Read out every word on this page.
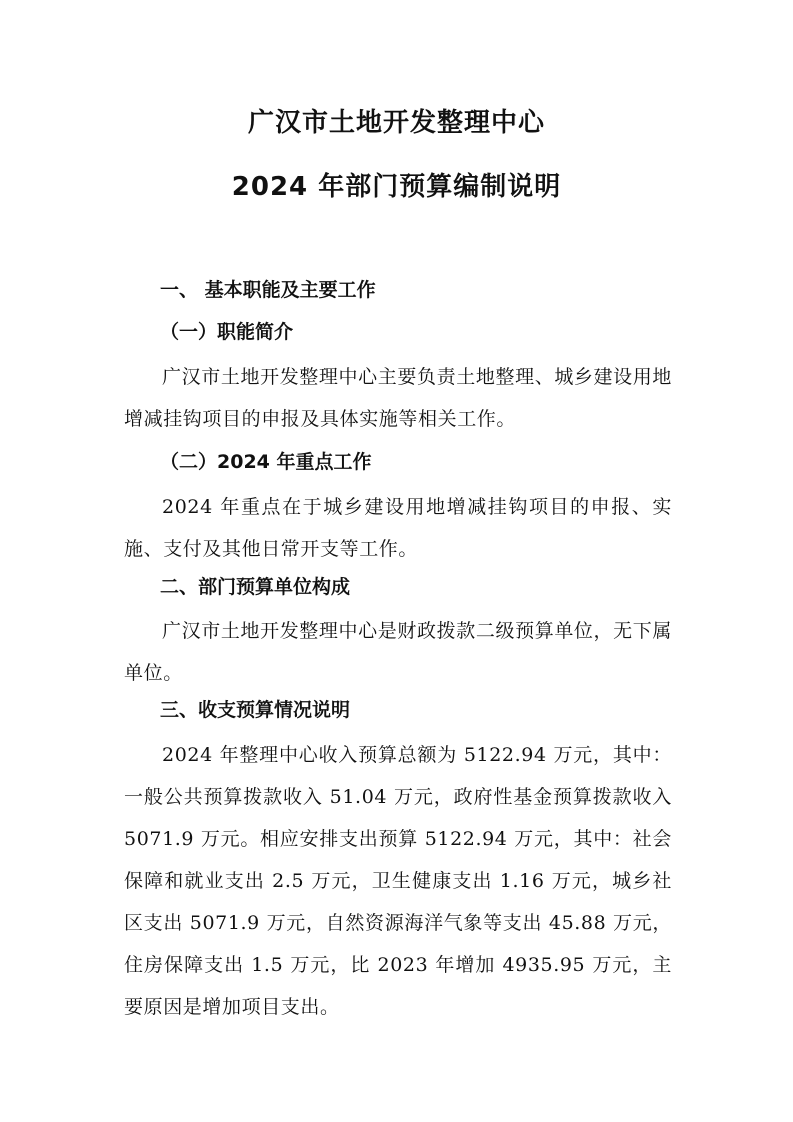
广汉市土地开发整理中心
2024 年部门预算编制说明
一、 基本职能及主要工作
（一）职能简介
广汉市土地开发整理中心主要负责土地整理、城乡建设用地增减挂钩项目的申报及具体实施等相关工作。
（二）2024 年重点工作
2024 年重点在于城乡建设用地增减挂钩项目的申报、实施、支付及其他日常开支等工作。
二、部门预算单位构成
广汉市土地开发整理中心是财政拨款二级预算单位，无下属单位。
三、收支预算情况说明
2024 年整理中心收入预算总额为 5122.94 万元，其中：一般公共预算拨款收入 51.04 万元，政府性基金预算拨款收入 5071.9 万元。相应安排支出预算 5122.94 万元，其中：社会保障和就业支出 2.5 万元，卫生健康支出 1.16 万元，城乡社区支出 5071.9 万元，自然资源海洋气象等支出 45.88 万元，住房保障支出 1.5 万元，比 2023 年增加 4935.95 万元，主要原因是增加项目支出。
